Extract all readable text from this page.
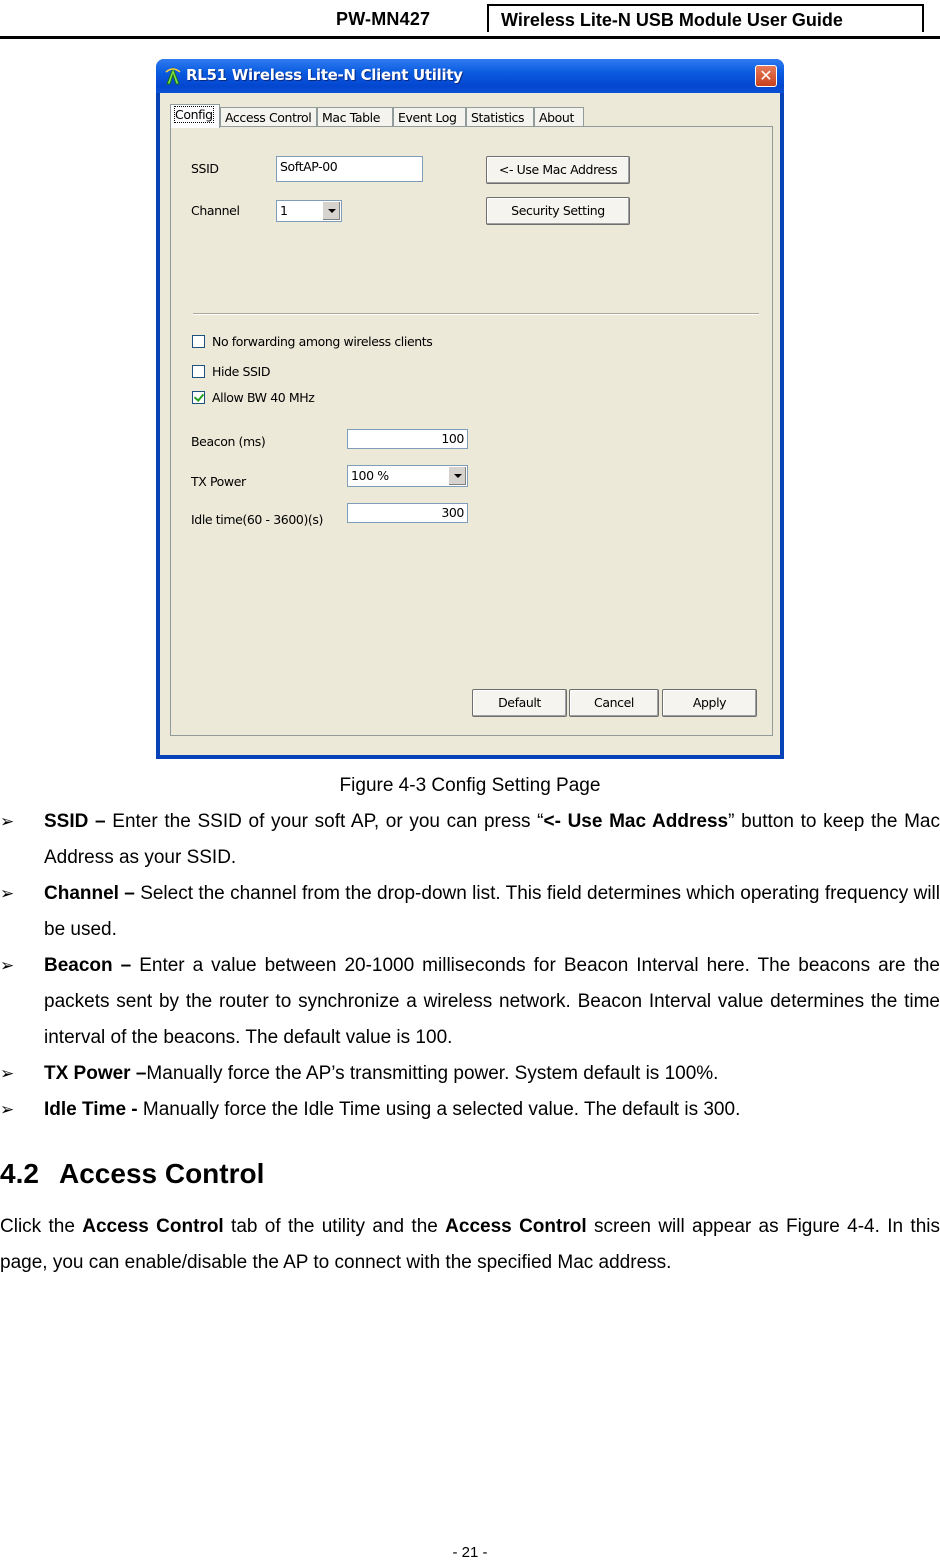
PW-MN427	Wireless Lite-N USB Module User Guide
RL51 Wireless Lite-N Client Utility	✕
Config Access Control Mac Table	Event Log	Statistics	About
SSID	SoftAP-00	<- Use Mac Address
Channel	1	Security Setting
No forwarding among wireless clients
Hide SSID
Allow BW 40 MHz
Beacon (ms)	100
TX Power	100 %
Idle time(60 - 3600)(s)	300
Default	Cancel	Apply
Figure 4-3 Config Setting Page
➢ SSID – Enter the SSID of your soft AP, or you can press “<- Use Mac Address” button to keep the Mac Address as your SSID.
➢ Channel – Select the channel from the drop-down list. This field determines which operating frequency will be used.
➢ Beacon – Enter a value between 20-1000 milliseconds for Beacon Interval here. The beacons are the packets sent by the router to synchronize a wireless network. Beacon Interval value determines the time interval of the beacons. The default value is 100.
➢ TX Power –Manually force the AP’s transmitting power. System default is 100%.
➢ Idle Time - Manually force the Idle Time using a selected value. The default is 300.
4.2 Access Control
Click the Access Control tab of the utility and the Access Control screen will appear as Figure 4-4. In this page, you can enable/disable the AP to connect with the specified Mac address.
- 21 -
